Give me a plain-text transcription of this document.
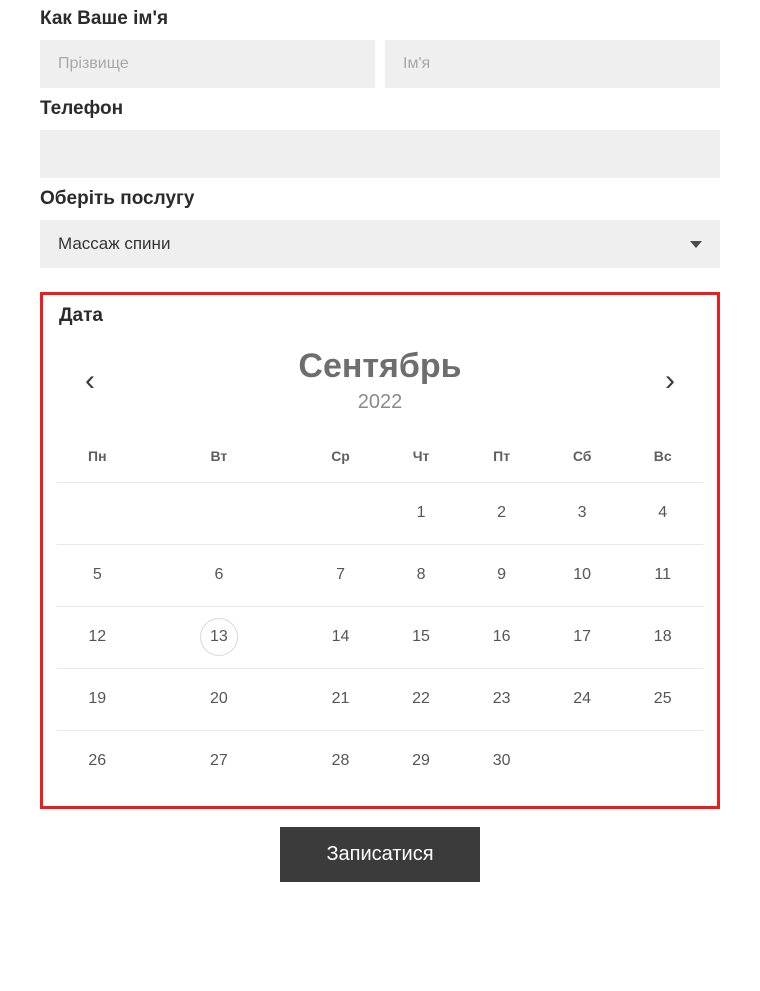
Как Ваше ім'я
Прізвище	Ім'я
Телефон
Оберіть послугу
Массаж спини
Дата
‹	Сентябрь
2022
›
Пн	Вт	Ср	Чт	Пт	Сб	Вс
			1	2	3	4
5	6	7	8	9	10	11
12	13	14	15	16	17	18
19	20	21	22	23	24	25
26	27	28	29	30		
Записатися
